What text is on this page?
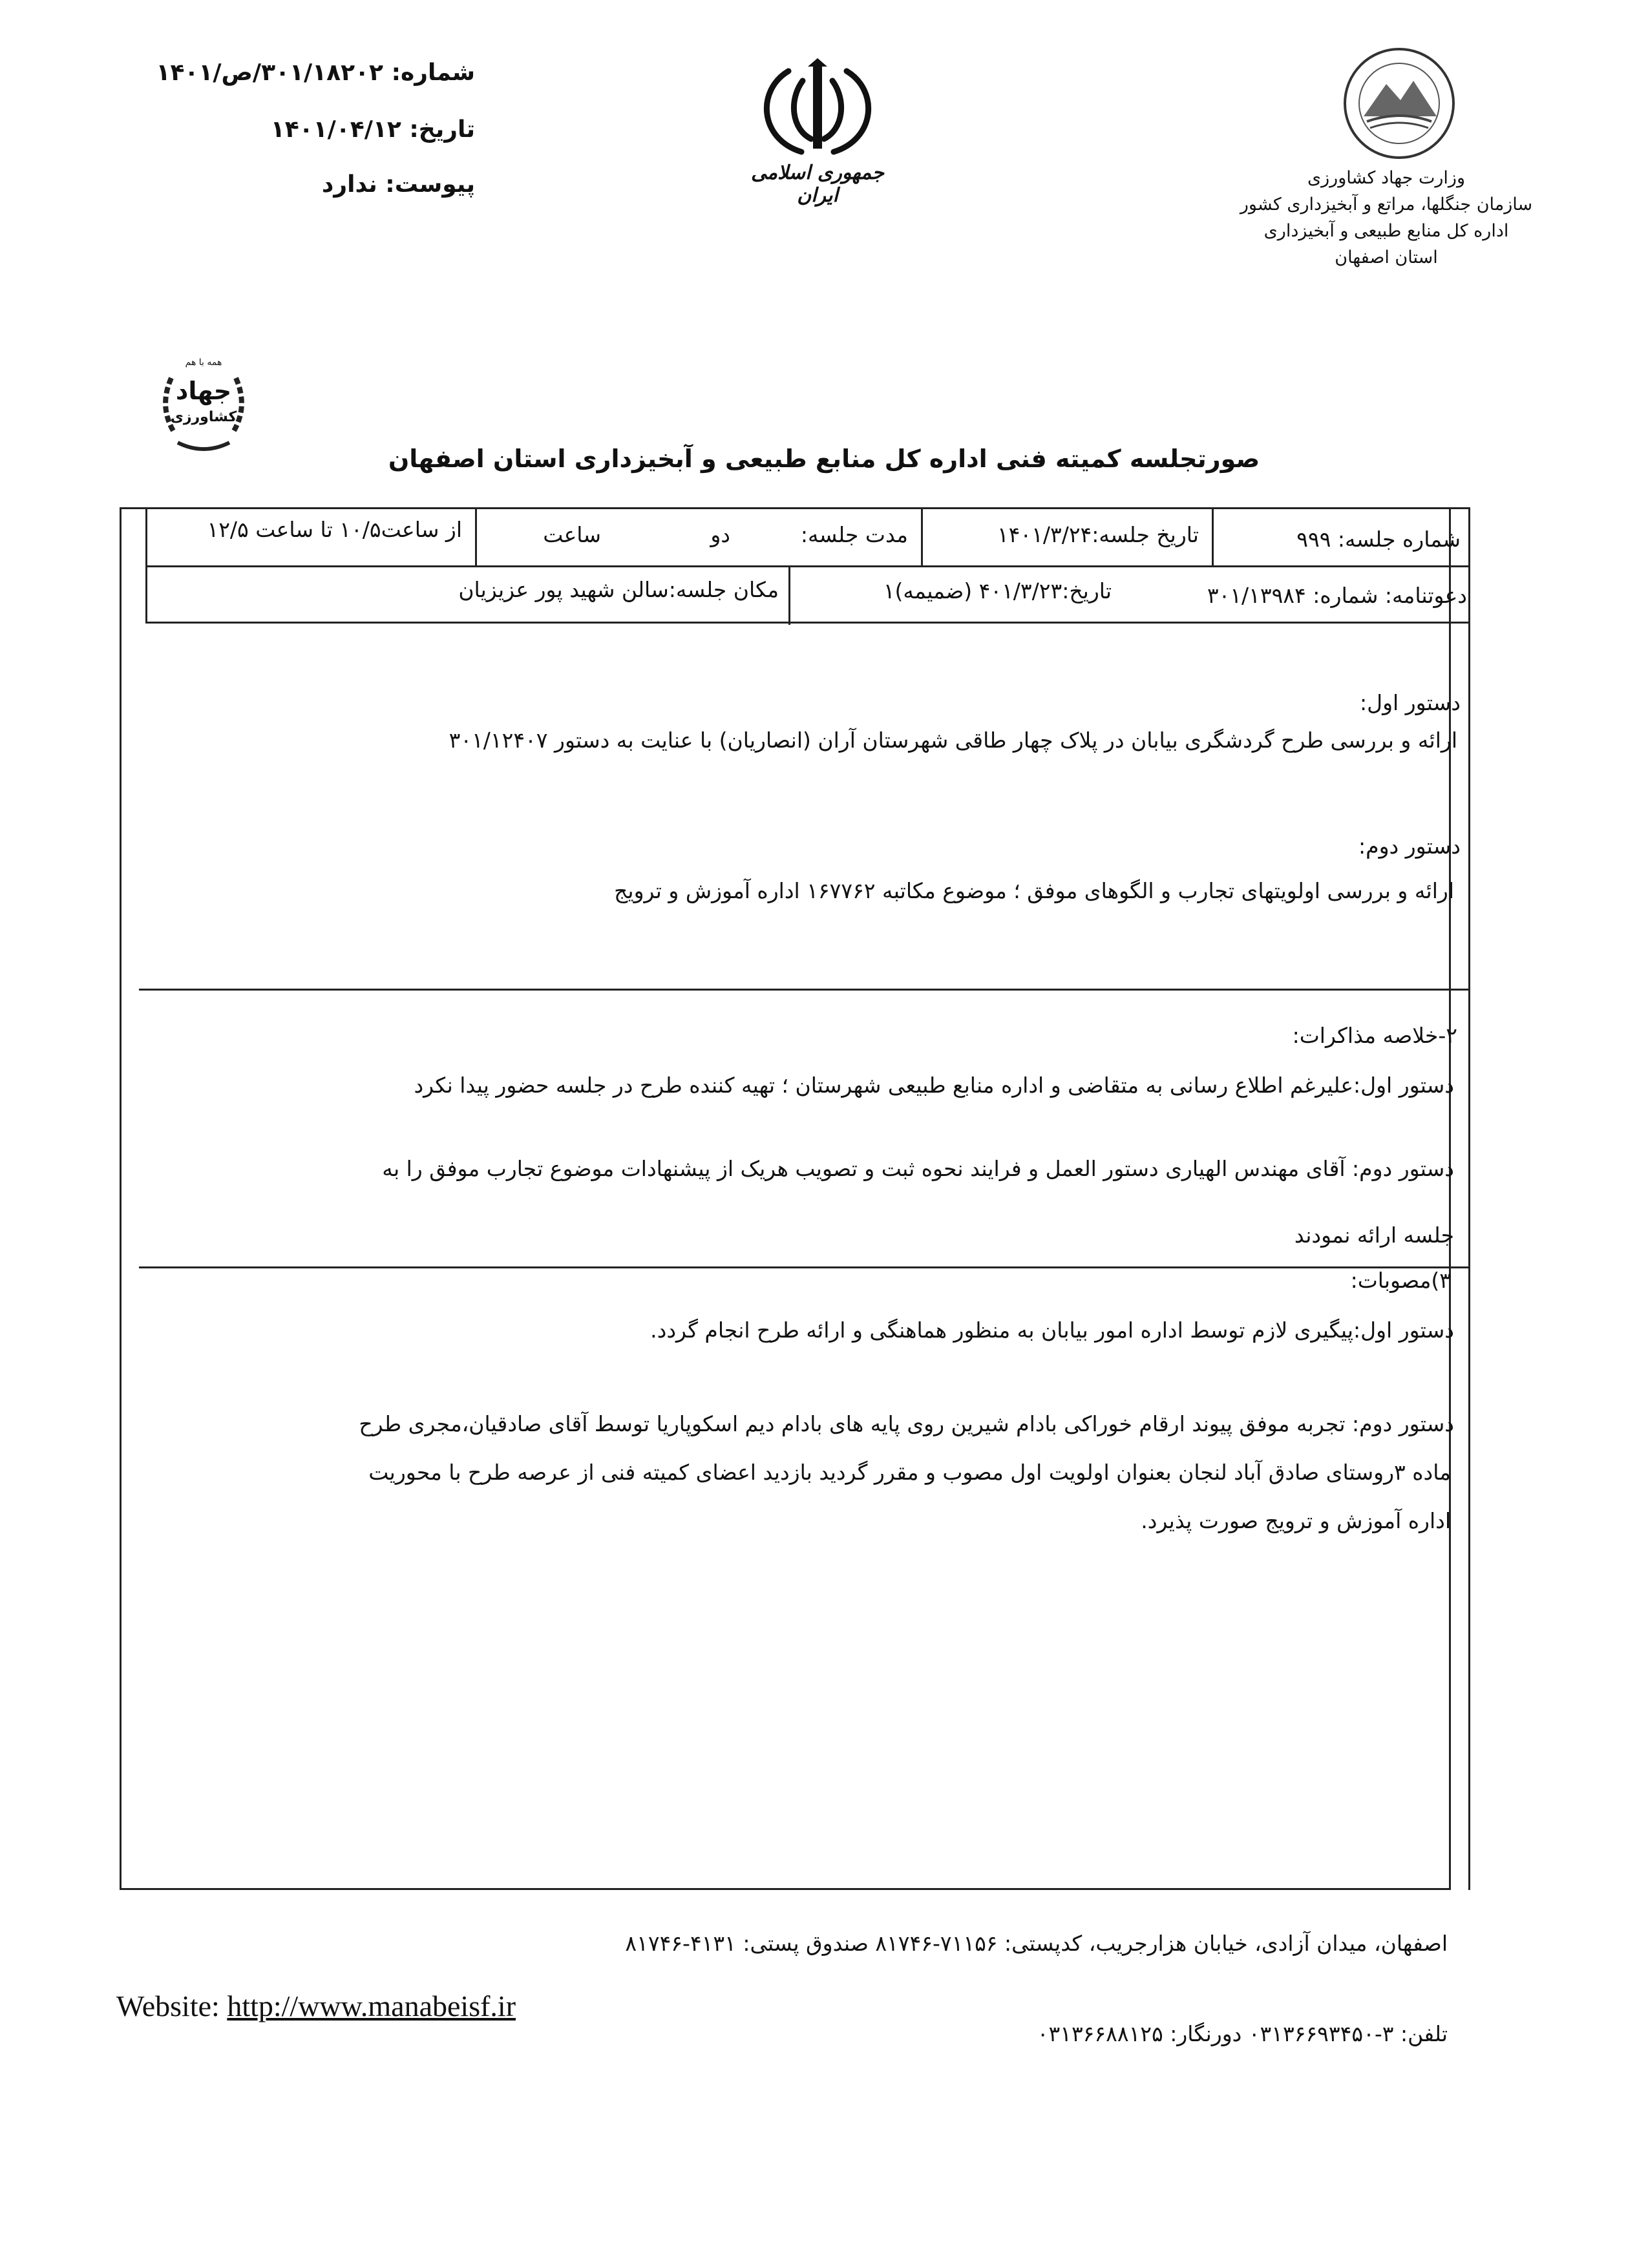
شماره: ۳۰۱/۱۸۲۰۲/ص/۱۴۰۱
تاریخ: ۱۴۰۱/۰۴/۱۲
پیوست: ندارد	جمهوری اسلامی ایران
وزارت جهاد کشاورزی
سازمان جنگلها، مراتع و آبخیزداری کشور
اداره کل منابع طبیعی و آبخیزداری
استان اصفهان
همه با هم
جهاد
کشاورزی
صورتجلسه کمیته فنی اداره کل منابع طبیعی و آبخیزداری استان اصفهان
شماره جلسه: ۹۹۹
تاریخ جلسه:۱۴۰۱/۳/۲۴
مدت جلسه:
دو
ساعت
از ساعت۱۰/۵ تا ساعت ۱۲/۵
دعوتنامه: شماره: ۳۰۱/۱۳۹۸۴
تاریخ:۴۰۱/۳/۲۳ (ضمیمه)۱
مکان جلسه:سالن شهید پور عزیزیان
دستور اول:
ارائه و بررسی طرح گردشگری بیابان در پلاک چهار طاقی شهرستان آران (انصاریان) با عنایت به دستور ۳۰۱/۱۲۴۰۷
دستور دوم:
ارائه و بررسی اولویتهای تجارب و الگوهای موفق ؛ موضوع مکاتبه ۱۶۷۷۶۲ اداره آموزش و ترویج
۲-خلاصه مذاکرات:
دستور اول:علیرغم اطلاع رسانی به متقاضی و اداره منابع طبیعی شهرستان ؛ تهیه کننده طرح در جلسه حضور پیدا نکرد
دستور دوم: آقای مهندس الهیاری دستور العمل و فرایند نحوه ثبت و تصویب هریک از پیشنهادات موضوع تجارب موفق را به
جلسه ارائه نمودند
۳)مصوبات:
دستور اول:پیگیری لازم توسط اداره امور بیابان به منظور هماهنگی و ارائه طرح انجام گردد.
دستور دوم: تجربه موفق پیوند ارقام خوراکی بادام شیرین روی پایه های بادام دیم اسکوپاریا توسط آقای صادقیان،مجری طرح
ماده ۳روستای صادق آباد لنجان بعنوان اولویت اول مصوب و مقرر گردید بازدید اعضای کمیته فنی از عرصه طرح با محوریت
اداره آموزش و ترویج صورت پذیرد.
اصفهان، میدان آزادی، خیابان هزارجریب، کدپستی: ۷۱۱۵۶-۸۱۷۴۶ صندوق پستی: ۴۱۳۱-۸۱۷۴۶
Website: http://www.manabeisf.ir
تلفن: ۳-۰۳۱۳۶۶۹۳۴۵۰ دورنگار: ۰۳۱۳۶۶۸۸۱۲۵
